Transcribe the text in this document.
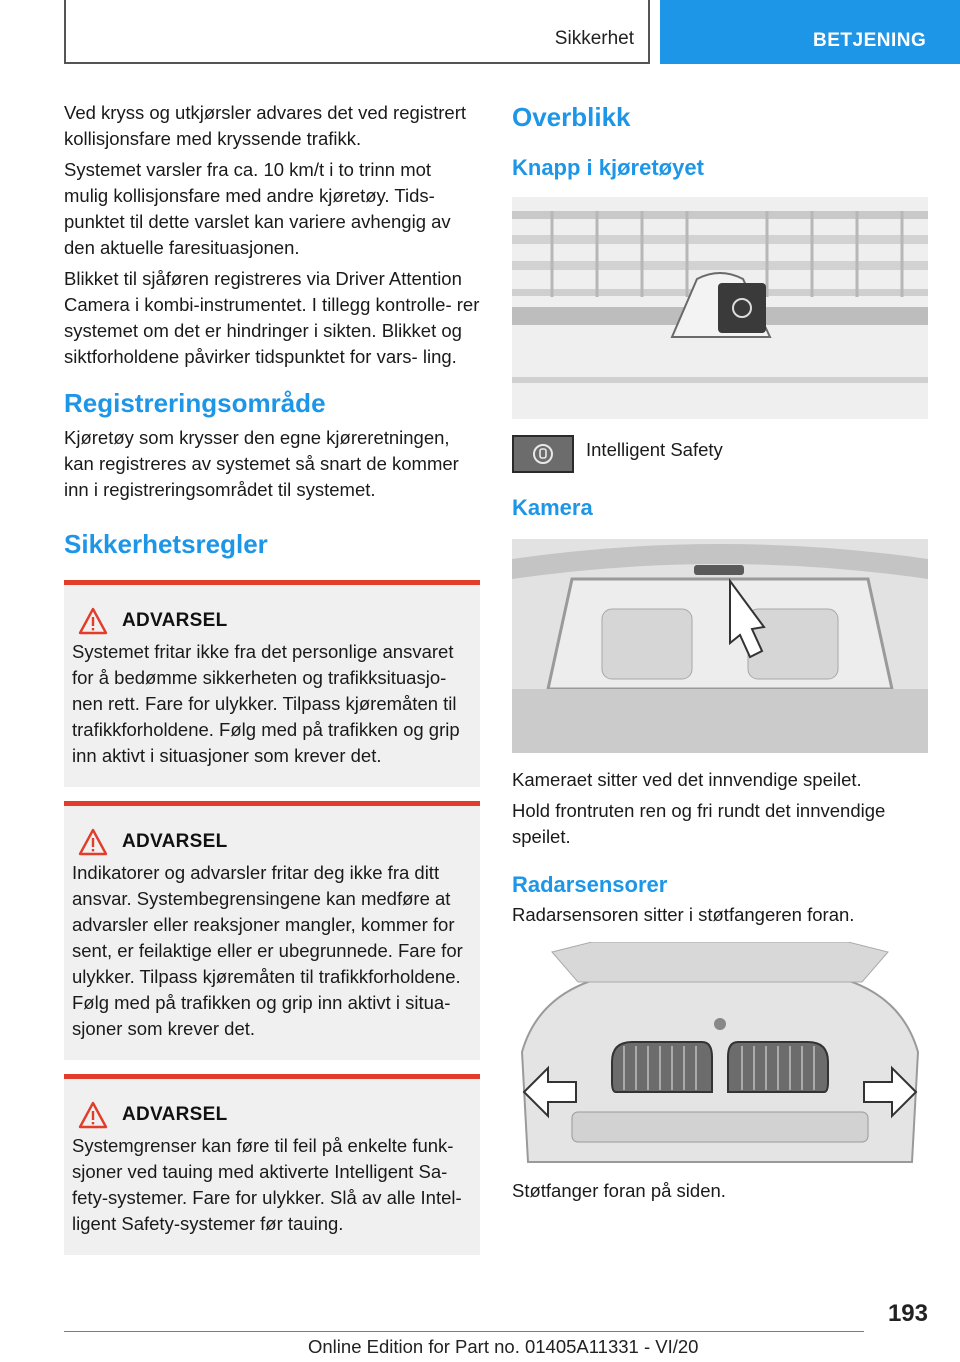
Sikkerhet	BETJENING

Ved kryss og utkjørsler advares det ved registrert kollisjonsfare med kryssende trafikk.

Systemet varsler fra ca. 10 km/t i to trinn mot mulig kollisjonsfare med andre kjøretøy. Tids‐ punktet til dette varslet kan variere avhengig av den aktuelle faresituasjonen.

Blikket til sjåføren registreres via Driver Attention Camera i kombi-instrumentet. I tillegg kontrolle‐ rer systemet om det er hindringer i sikten. Blikket og siktforholdene påvirker tidspunktet for vars‐ ling.

Registreringsområde

Kjøretøy som krysser den egne kjøreretningen, kan registreres av systemet så snart de kommer inn i registreringsområdet til systemet.

Sikkerhetsregler
ADVARSEL

Systemet fritar ikke fra det personlige ansvaret for å bedømme sikkerheten og trafikksituasjo‐ nen rett. Fare for ulykker. Tilpass kjøremåten til trafikkforholdene. Følg med på trafikken og grip inn aktivt i situasjoner som krever det.

ADVARSEL

Indikatorer og advarsler fritar deg ikke fra ditt ansvar. Systembegrensingene kan medføre at advarsler eller reaksjoner mangler, kommer for sent, er feilaktige eller er ubegrunnede. Fare for ulykker. Tilpass kjøremåten til trafikkforholdene. Følg med på trafikken og grip inn aktivt i situa‐ sjoner som krever det.

ADVARSEL

Systemgrenser kan føre til feil på enkelte funk‐ sjoner ved tauing med aktiverte Intelligent Sa‐ fety-systemer. Fare for ulykker. Slå av alle Intel‐ ligent Safety-systemer før tauing.

Overblikk
Knapp i kjøretøyet
Intelligent Safety
Kamera

Kameraet sitter ved det innvendige speilet.

Hold frontruten ren og fri rundt det innvendige speilet.

Radarsensorer

Radarsensoren sitter i støtfangeren foran.

Støtfanger foran på siden.

193
Online Edition for Part no. 01405A11331 - VI/20
